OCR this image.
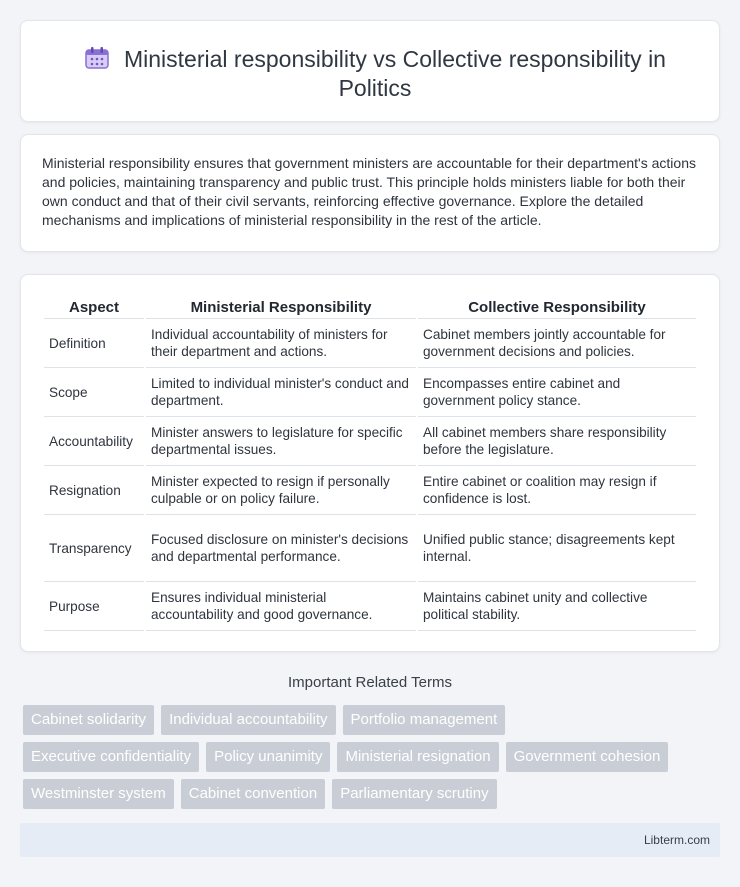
Ministerial responsibility vs Collective responsibility in Politics

Ministerial responsibility ensures that government ministers are accountable for their department's actions and policies, maintaining transparency and public trust. This principle holds ministers liable for both their own conduct and that of their civil servants, reinforcing effective governance. Explore the detailed mechanisms and implications of ministerial responsibility in the rest of the article.

Aspect	Ministerial Responsibility	Collective Responsibility
Definition	Individual accountability of ministers for their department and actions.	Cabinet members jointly accountable for government decisions and policies.
Scope	Limited to individual minister's conduct and department.	Encompasses entire cabinet and government policy stance.
Accountability	Minister answers to legislature for specific departmental issues.	All cabinet members share responsibility before the legislature.
Resignation	Minister expected to resign if personally culpable or on policy failure.	Entire cabinet or coalition may resign if confidence is lost.
Transparency	Focused disclosure on minister's decisions and departmental performance.	Unified public stance; disagreements kept internal.
Purpose	Ensures individual ministerial accountability and good governance.	Maintains cabinet unity and collective political stability.
Important Related Terms
Cabinet solidarity	Individual accountability	Portfolio management
Executive confidentiality	Policy unanimity	Ministerial resignation	Government cohesion
Westminster system	Cabinet convention	Parliamentary scrutiny
Libterm.com
